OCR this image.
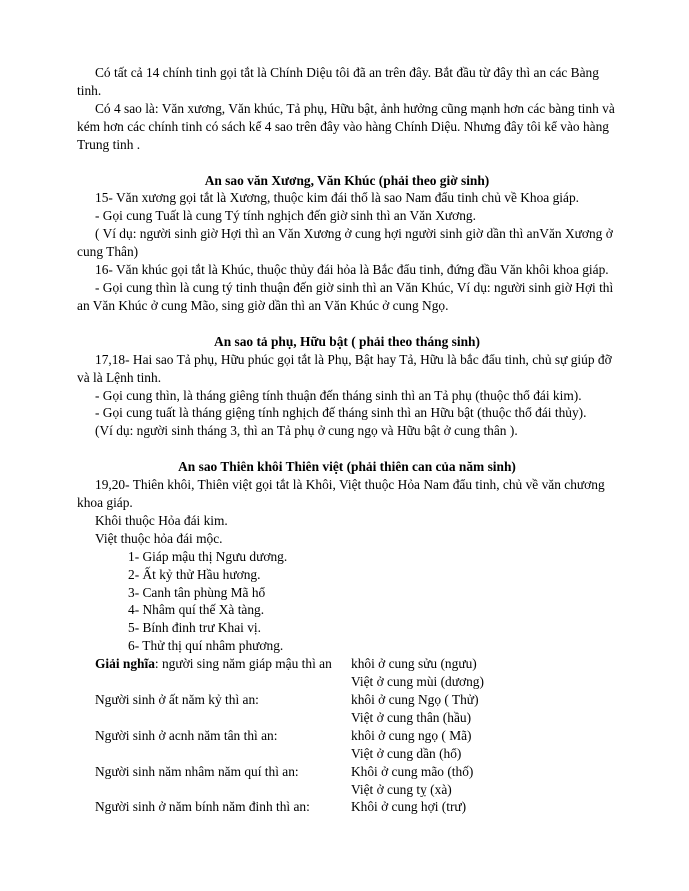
Có tất cả 14 chính tinh gọi tắt là Chính Diệu tôi đã an trên đây. Bắt đầu từ đây thì an các Bàng tinh.

Có 4 sao là: Văn xương, Văn khúc, Tả phụ, Hữu bật, ảnh hưởng cũng mạnh hơn các bàng tinh và kém hơn các chính tinh có sách kể 4 sao trên đây vào hàng Chính Diệu. Nhưng đây tôi kể vào hàng Trung tinh .

An sao văn Xương, Văn Khúc (phải theo giờ sinh)

15- Văn xương gọi tắt là Xương, thuộc kim đái thổ là sao Nam đẩu tinh chủ về Khoa giáp.

- Gọi cung Tuất là cung Tý tính nghịch đến giờ sinh thì an Văn Xương.

( Ví dụ: người sinh giờ Hợi thì an Văn Xương ở cung hợi người sinh giờ dần thì anVăn Xương ở cung Thân)

16- Văn khúc gọi tắt là Khúc, thuộc thủy đái hỏa là Bắc đẩu tinh, đứng đầu Văn khôi khoa giáp.

- Gọi cung thìn là cung tý tinh thuận đến giờ sinh thì an Văn Khúc, Ví dụ: người sinh giờ Hợi thì an Văn Khúc ở cung Mão, sing giờ dần thì an Văn Khúc ở cung Ngọ.

An sao tả phụ, Hữu bật ( phải theo tháng sinh)

17,18- Hai sao Tả phụ, Hữu phúc gọi tắt là Phụ, Bật hay Tả, Hữu là bắc đẩu tinh, chủ sự giúp đỡ và là Lệnh tinh.

- Gọi cung thìn, là tháng giêng tính thuận đến tháng sinh thì an Tả phụ (thuộc thổ đái kim).

- Gọi cung tuất là tháng giệng tính nghịch đế tháng sinh thì an Hữu bật (thuộc thổ đái thủy).

(Ví dụ: người sinh tháng 3, thì an Tả phụ ở cung ngọ và Hữu bật ở cung thân ).

An sao Thiên khôi Thiên việt (phải thiên can của năm sinh)

19,20- Thiên khôi, Thiên việt gọi tắt là Khôi, Việt thuộc Hỏa Nam đẩu tinh, chủ về văn chương khoa giáp.

Khôi thuộc Hỏa đái kim.

Việt thuộc hỏa đái mộc.

1- Giáp mậu thị Ngưu dương.

2- Ất kỷ thử Hầu hương.

3- Canh tân phùng Mã hổ

4- Nhâm quí thế Xà tàng.

5- Bính đinh trư Khai vị.

6- Thử thị quí nhâm phương.

Giải nghĩa: người sing năm giáp mậu thì an	khôi ở cung sửu (ngưu)
Việt ở cung mùi (dương)
Người sinh ở ất năm kỷ thì an:	khôi ở cung Ngọ ( Thử)
Việt ở cung thân (hầu)
Người sinh ở acnh năm tân thì an:	khôi ở cung ngọ ( Mã)
Việt ở cung dần (hổ)
Người sinh năm nhâm năm quí thì an:	Khôi ở cung mão (thố)
Việt ở cung tỵ (xà)
Người sinh ở năm bính năm đinh thì an:	Khôi ở cung hợi (trư)
